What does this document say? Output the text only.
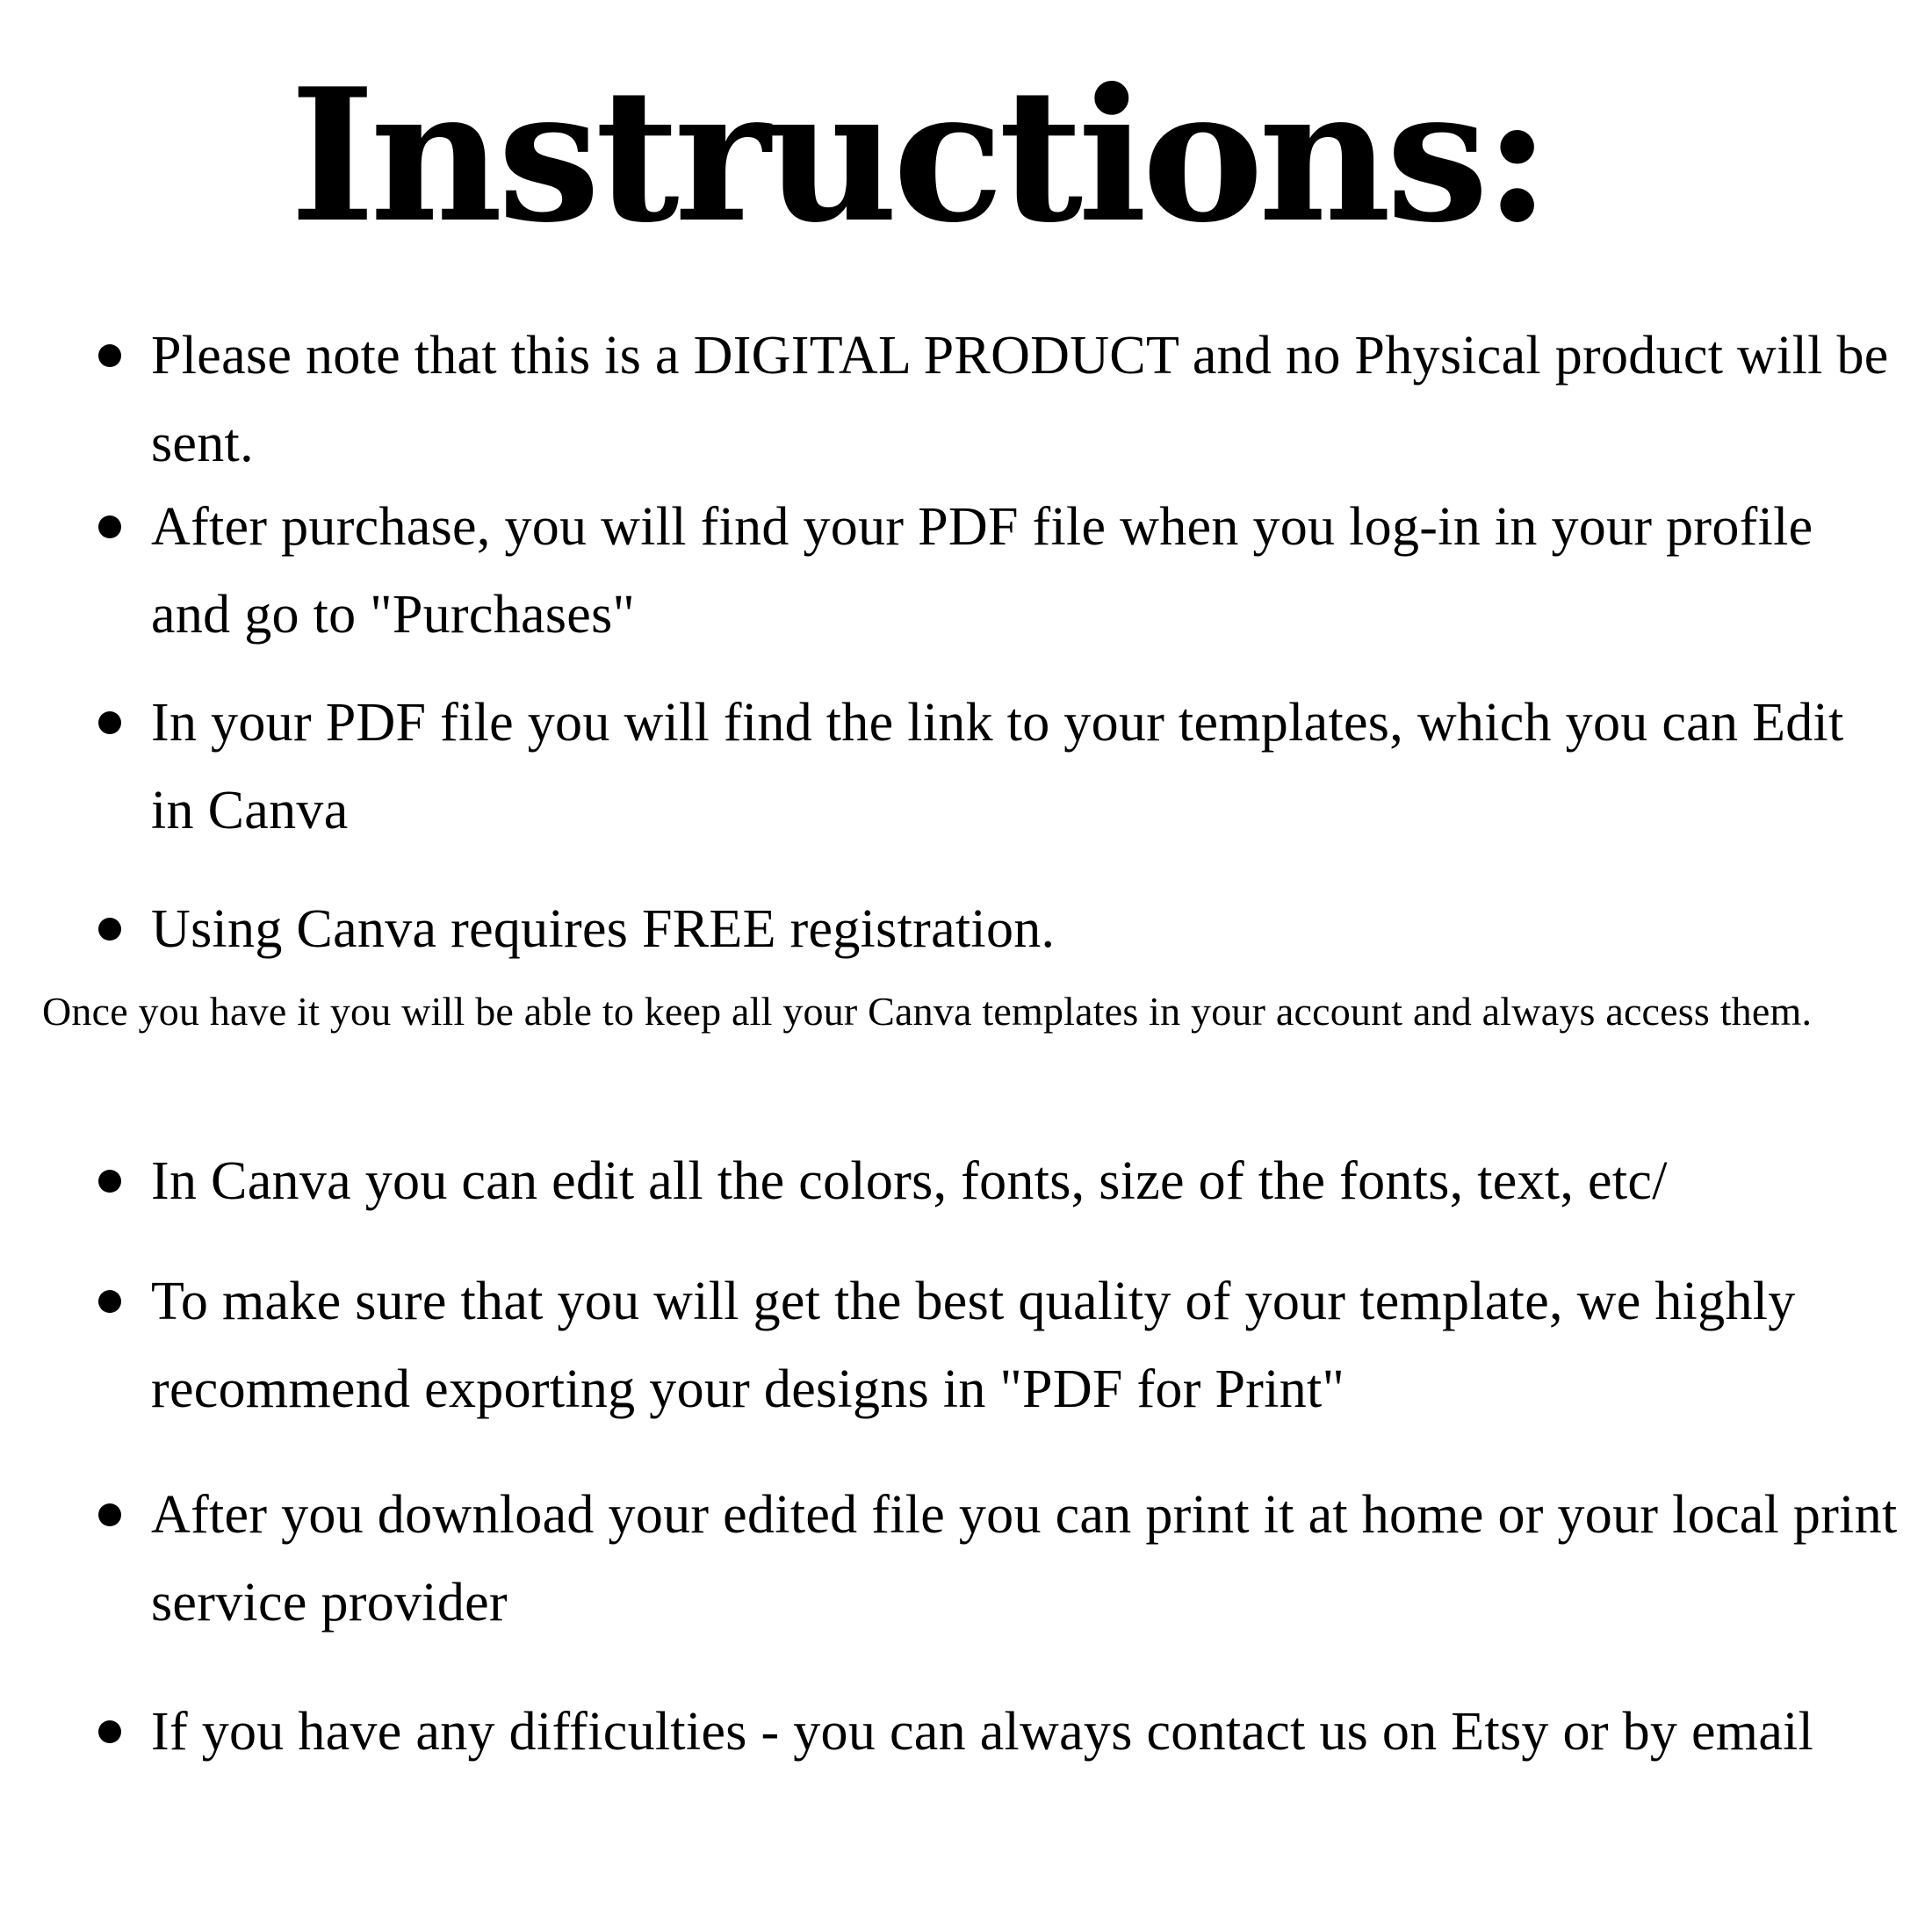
Instructions:

Please note that this is a DIGITAL PRODUCT and no Physical product will be sent.

After purchase, you will find your PDF file when you log-in in your profile and go to "Purchases"

In your PDF file you will find the link to your templates, which you can Edit in Canva

Using Canva requires FREE registration.

Once you have it you will be able to keep all your Canva templates in your account and always access them.

In Canva you can edit all the colors, fonts, size of the fonts, text, etc/

To make sure that you will get the best quality of your template, we highly recommend exporting your designs in "PDF for Print"

After you download your edited file you can print it at home or your local print service provider

If you have any difficulties - you can always contact us on Etsy or by email
